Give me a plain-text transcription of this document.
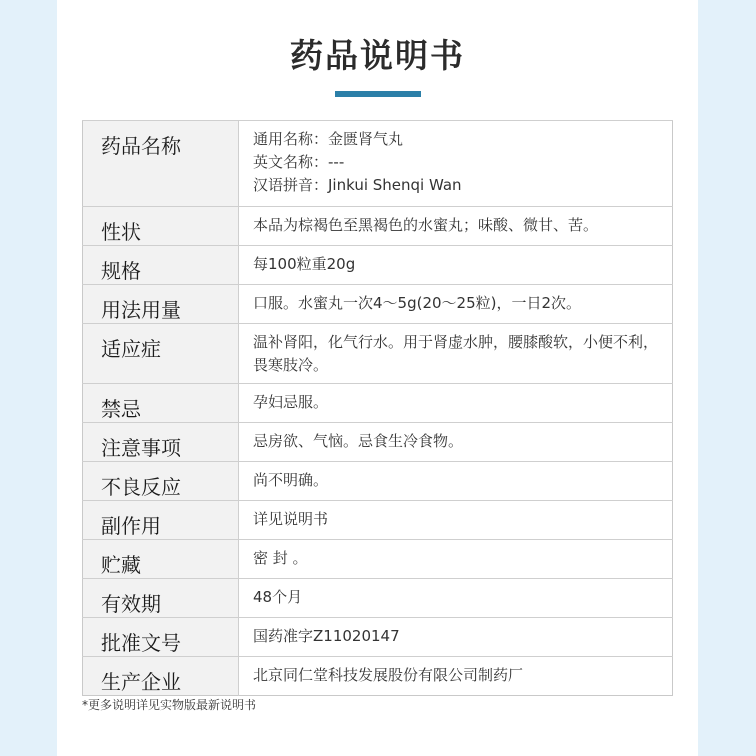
药品说明书
药品名称	通用名称：金匮肾气丸
英文名称：---
汉语拼音：Jinkui Shenqi Wan

性状	本品为棕褐色至黑褐色的水蜜丸；味酸、微甘、苦。
规格	每100粒重20g
用法用量	口服。水蜜丸一次4～5g(20～25粒)，一日2次。
适应症	温补肾阳，化气行水。用于肾虚水肿，腰膝酸软，小便不利，畏寒肢冷。
禁忌	孕妇忌服。
注意事项	忌房欲、气恼。忌食生冷食物。
不良反应	尚不明确。
副作用	详见说明书
贮藏	密 封 。
有效期	48个月
批准文号	国药准字Z11020147
生产企业	北京同仁堂科技发展股份有限公司制药厂
*更多说明详见实物版最新说明书
